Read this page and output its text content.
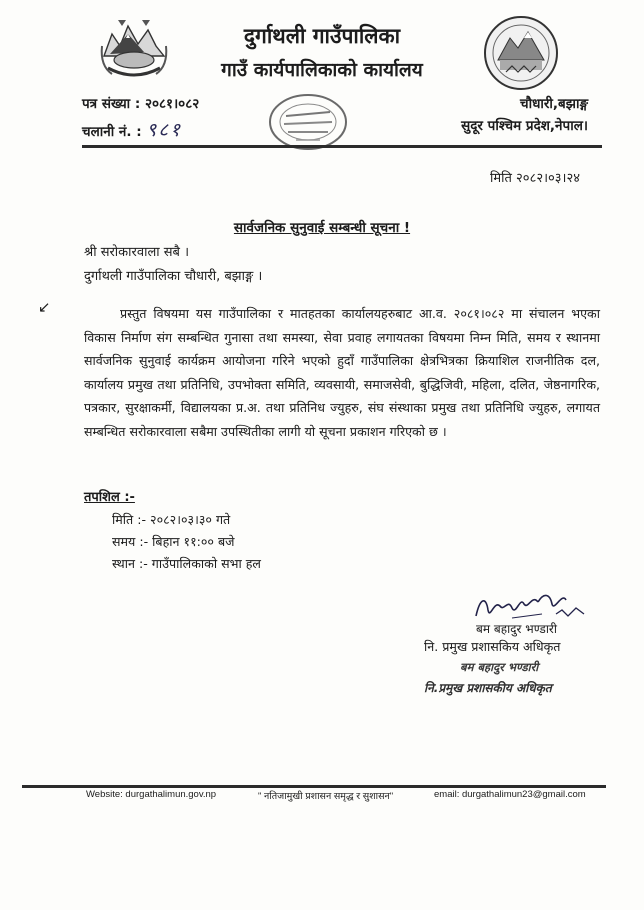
दुर्गाथली गाउँपालिका
गाउँ कार्यपालिकाको कार्यालय
पत्र संख्या : २०८१।०८२
चलानी नं. : ९८१
चौधारी,बझाङ्ग
सुदूर पश्चिम प्रदेश,नेपाल।
मिति २०८२।०३।२४
सार्वजनिक सुनुवाई सम्बन्धी सूचना !
श्री सरोकारवाला सबै ।
दुर्गाथली गाउँपालिका चौधारी, बझाङ्ग ।
↙	प्रस्तुत विषयमा यस गाउँपालिका र मातहतका कार्यालयहरुबाट आ.व. २०८१।०८२ मा संचालन भएका विकास निर्माण संग सम्बन्धित गुनासा तथा समस्या, सेवा प्रवाह लगायतका विषयमा निम्न मिति, समय र स्थानमा सार्वजनिक सुनुवाई कार्यक्रम आयोजना गरिने भएको हुदाँ गाउँपालिका क्षेत्रभित्रका क्रियाशिल राजनीतिक दल, कार्यालय प्रमुख तथा प्रतिनिधि, उपभोक्ता समिति, व्यवसायी, समाजसेवी, बुद्धिजिवी, महिला, दलित, जेष्ठनागरिक, पत्रकार, सुरक्षाकर्मी, विद्यालयका प्र.अ. तथा प्रतिनिध ज्युहरु, संघ संस्थाका प्रमुख तथा प्रतिनिधि ज्युहरु, लगायत सम्बन्धित सरोकारवाला सबैमा उपस्थितीका लागी यो सूचना प्रकाशन गरिएको छ ।
तपशिल :-
मिति :- २०८२।०३।३० गते
समय :- बिहान ११:०० बजे
स्थान :- गाउँपालिकाको सभा हल
बम बहादुर भण्डारी
नि. प्रमुख प्रशासकिय अधिकृत
बम बहादुर भण्डारी
नि.प्रमुख प्रशासकीय अधिकृत
Website: durgathalimun.gov.np	" नतिजामुखी प्रशासन समृद्ध र सुशासन"	email: durgathalimun23@gmail.com
